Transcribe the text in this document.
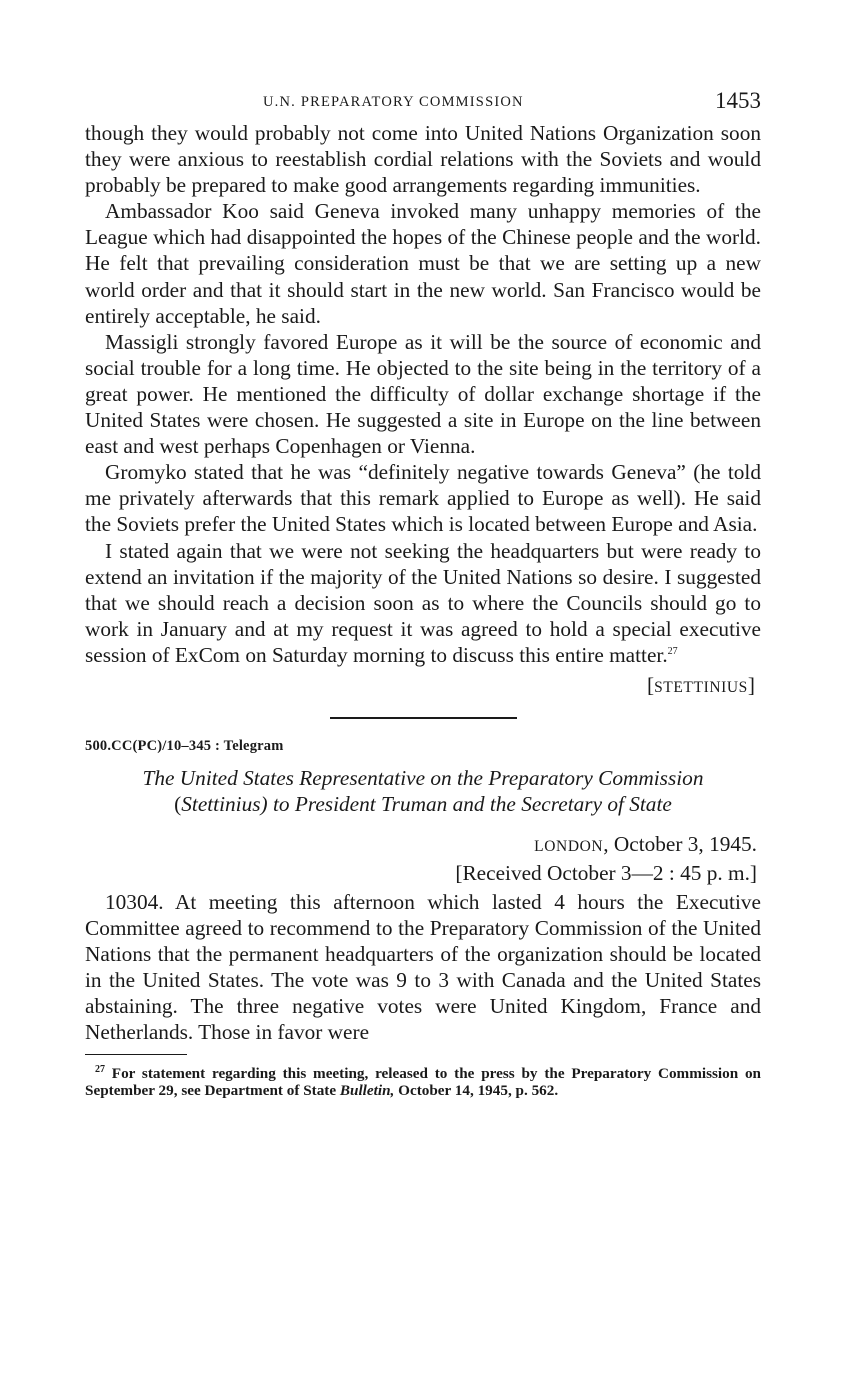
U.N. PREPARATORY COMMISSION	1453

though they would probably not come into United Nations Organization soon they were anxious to reestablish cordial relations with the Soviets and would probably be prepared to make good arrangements regarding immunities.

Ambassador Koo said Geneva invoked many unhappy memories of the League which had disappointed the hopes of the Chinese people and the world. He felt that prevailing consideration must be that we are setting up a new world order and that it should start in the new world. San Francisco would be entirely acceptable, he said.

Massigli strongly favored Europe as it will be the source of economic and social trouble for a long time. He objected to the site being in the territory of a great power. He mentioned the difficulty of dollar exchange shortage if the United States were chosen. He suggested a site in Europe on the line between east and west perhaps Copenhagen or Vienna.

Gromyko stated that he was “definitely negative towards Geneva” (he told me privately afterwards that this remark applied to Europe as well). He said the Soviets prefer the United States which is located between Europe and Asia.

I stated again that we were not seeking the headquarters but were ready to extend an invitation if the majority of the United Nations so desire. I suggested that we should reach a decision soon as to where the Councils should go to work in January and at my request it was agreed to hold a special executive session of ExCom on Saturday morning to discuss this entire matter.$^{27}$

[STETTINIUS]
500.CC(PC)/10–345 : Telegram
The United States Representative on the Preparatory Commission
(Stettinius) to President Truman and the Secretary of State
LONDON, October 3, 1945.
[Received October 3—2 : 45 p. m.]

10304. At meeting this afternoon which lasted 4 hours the Executive Committee agreed to recommend to the Preparatory Commission of the United Nations that the permanent headquarters of the organization should be located in the United States. The vote was 9 to 3 with Canada and the United States abstaining. The three negative votes were United Kingdom, France and Netherlands. Those in favor were

$^{27}$ For statement regarding this meeting, released to the press by the Preparatory Commission on September 29, see Department of State Bulletin, October 14, 1945, p. 562.
